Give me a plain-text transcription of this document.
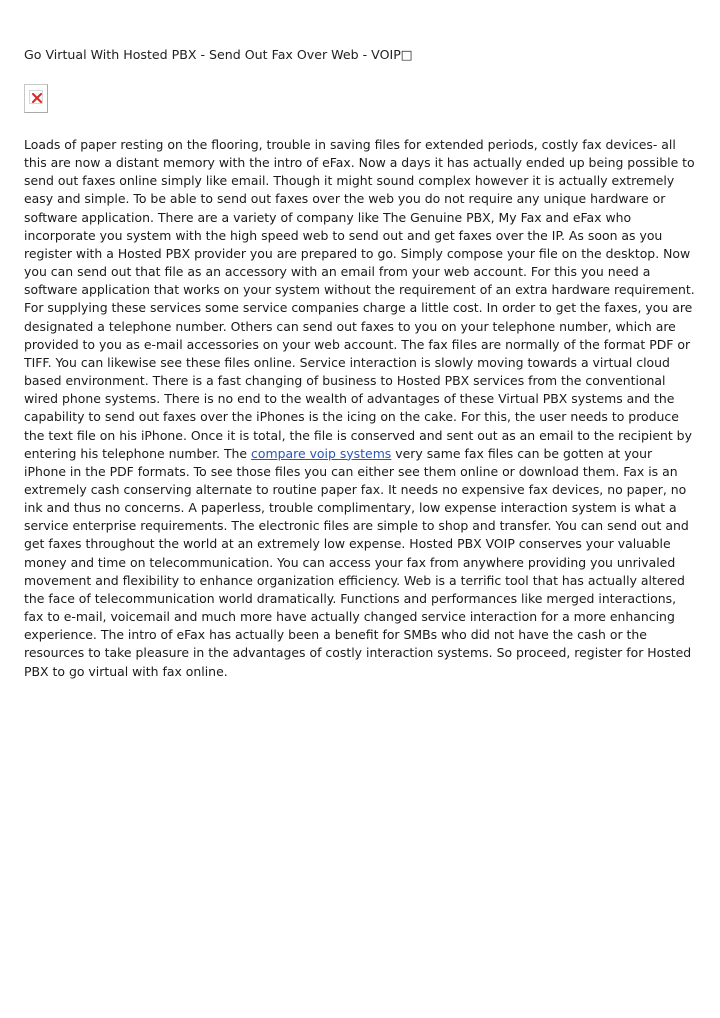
Go Virtual With Hosted PBX - Send Out Fax Over Web - VOIP□

Loads of paper resting on the flooring, trouble in saving files for extended periods, costly fax devices- all this are now a distant memory with the intro of eFax. Now a days it has actually ended up being possible to send out faxes online simply like email. Though it might sound complex however it is actually extremely easy and simple. To be able to send out faxes over the web you do not require any unique hardware or software application. There are a variety of company like The Genuine PBX, My Fax and eFax who incorporate you system with the high speed web to send out and get faxes over the IP. As soon as you register with a Hosted PBX provider you are prepared to go. Simply compose your file on the desktop. Now you can send out that file as an accessory with an email from your web account. For this you need a software application that works on your system without the requirement of an extra hardware requirement. For supplying these services some service companies charge a little cost. In order to get the faxes, you are designated a telephone number. Others can send out faxes to you on your telephone number, which are provided to you as e-mail accessories on your web account. The fax files are normally of the format PDF or TIFF. You can likewise see these files online. Service interaction is slowly moving towards a virtual cloud based environment. There is a fast changing of business to Hosted PBX services from the conventional wired phone systems. There is no end to the wealth of advantages of these Virtual PBX systems and the capability to send out faxes over the iPhones is the icing on the cake. For this, the user needs to produce the text file on his iPhone. Once it is total, the file is conserved and sent out as an email to the recipient by entering his telephone number. The compare voip systems very same fax files can be gotten at your iPhone in the PDF formats. To see those files you can either see them online or download them. Fax is an extremely cash conserving alternate to routine paper fax. It needs no expensive fax devices, no paper, no ink and thus no concerns. A paperless, trouble complimentary, low expense interaction system is what a service enterprise requirements. The electronic files are simple to shop and transfer. You can send out and get faxes throughout the world at an extremely low expense. Hosted PBX VOIP conserves your valuable money and time on telecommunication. You can access your fax from anywhere providing you unrivaled movement and flexibility to enhance organization efficiency. Web is a terrific tool that has actually altered the face of telecommunication world dramatically. Functions and performances like merged interactions, fax to e-mail, voicemail and much more have actually changed service interaction for a more enhancing experience. The intro of eFax has actually been a benefit for SMBs who did not have the cash or the resources to take pleasure in the advantages of costly interaction systems. So proceed, register for Hosted PBX to go virtual with fax online.
